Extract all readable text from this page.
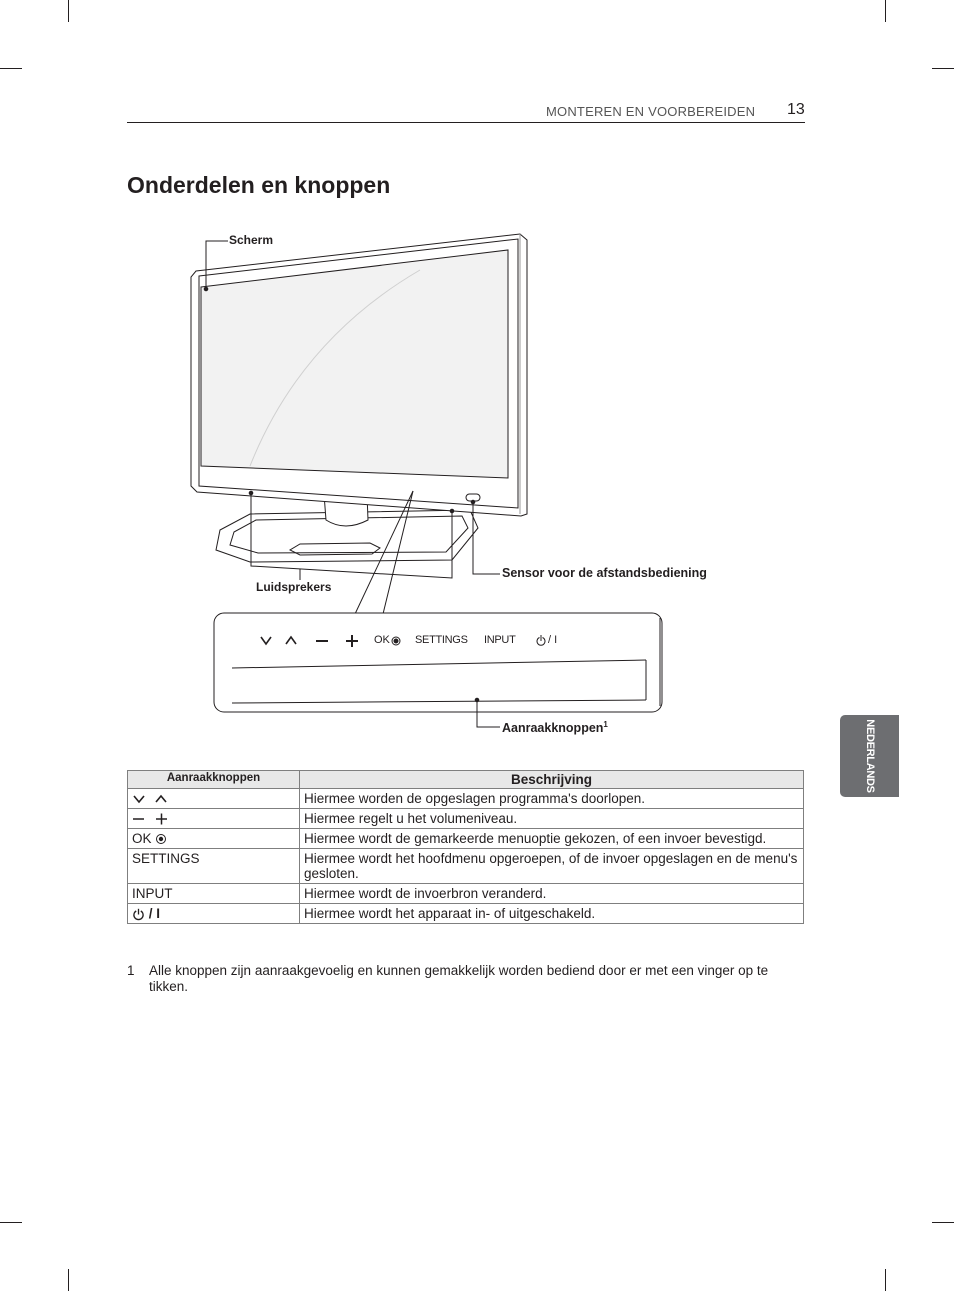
MONTEREN EN VOORBEREIDEN 13
Onderdelen en knoppen
NEDERLANDS
OK SETTINGS INPUT	/ I
Scherm
Luidsprekers
Sensor voor de afstandsbediening
Aanraakknoppen$^1$
Aanraakknoppen	Beschrijving
	Hiermee worden de opgeslagen programma's doorlopen.
	Hiermee regelt u het volumeniveau.
OK	Hiermee wordt de gemarkeerde menuoptie gekozen, of een invoer bevestigd.
SETTINGS	Hiermee wordt het hoofdmenu opgeroepen, of de invoer opgeslagen en de menu's gesloten.
INPUT	Hiermee wordt de invoerbron veranderd.
/ I	Hiermee wordt het apparaat in- of uitgeschakeld.
1 Alle knoppen zijn aanraakgevoelig en kunnen gemakkelijk worden bediend door er met een vinger op te tikken.
